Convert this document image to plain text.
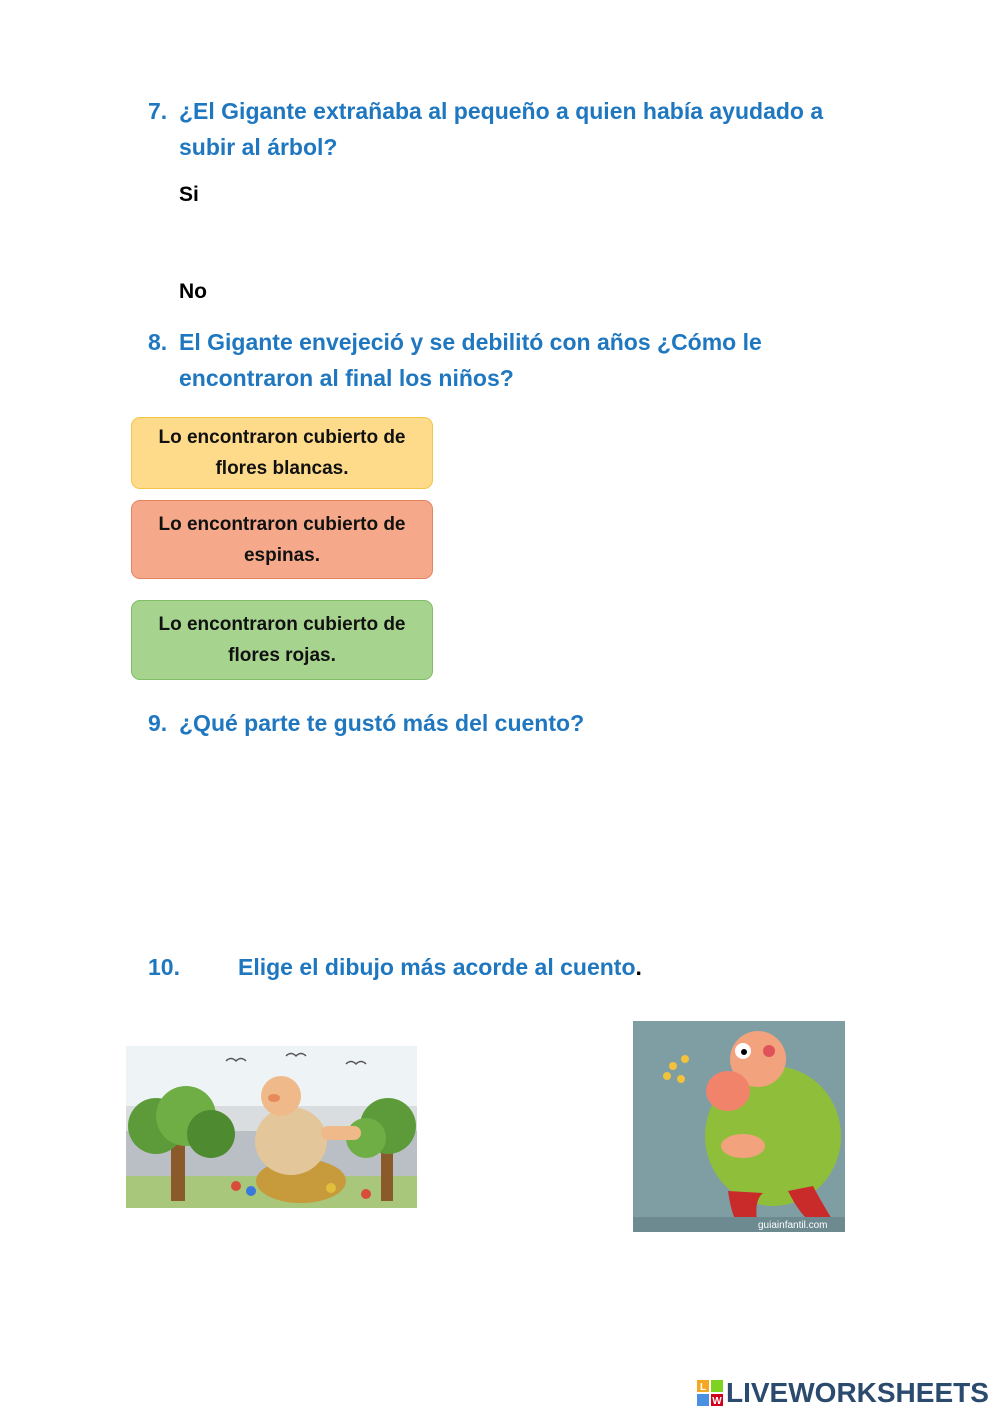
7. ¿El Gigante extrañaba al pequeño a quien había ayudado a subir al árbol?
Si
No
8. El Gigante envejeció y se debilitó con años ¿Cómo le encontraron al final los niños?
Lo encontraron cubierto de flores blancas.
Lo encontraron cubierto de espinas.
Lo encontraron cubierto de flores rojas.
9. ¿Qué parte te gustó más del cuento?
10.	Elige el dibujo más acorde al cuento.
guiainfantil.com
L
W LIVEWORKSHEETS
